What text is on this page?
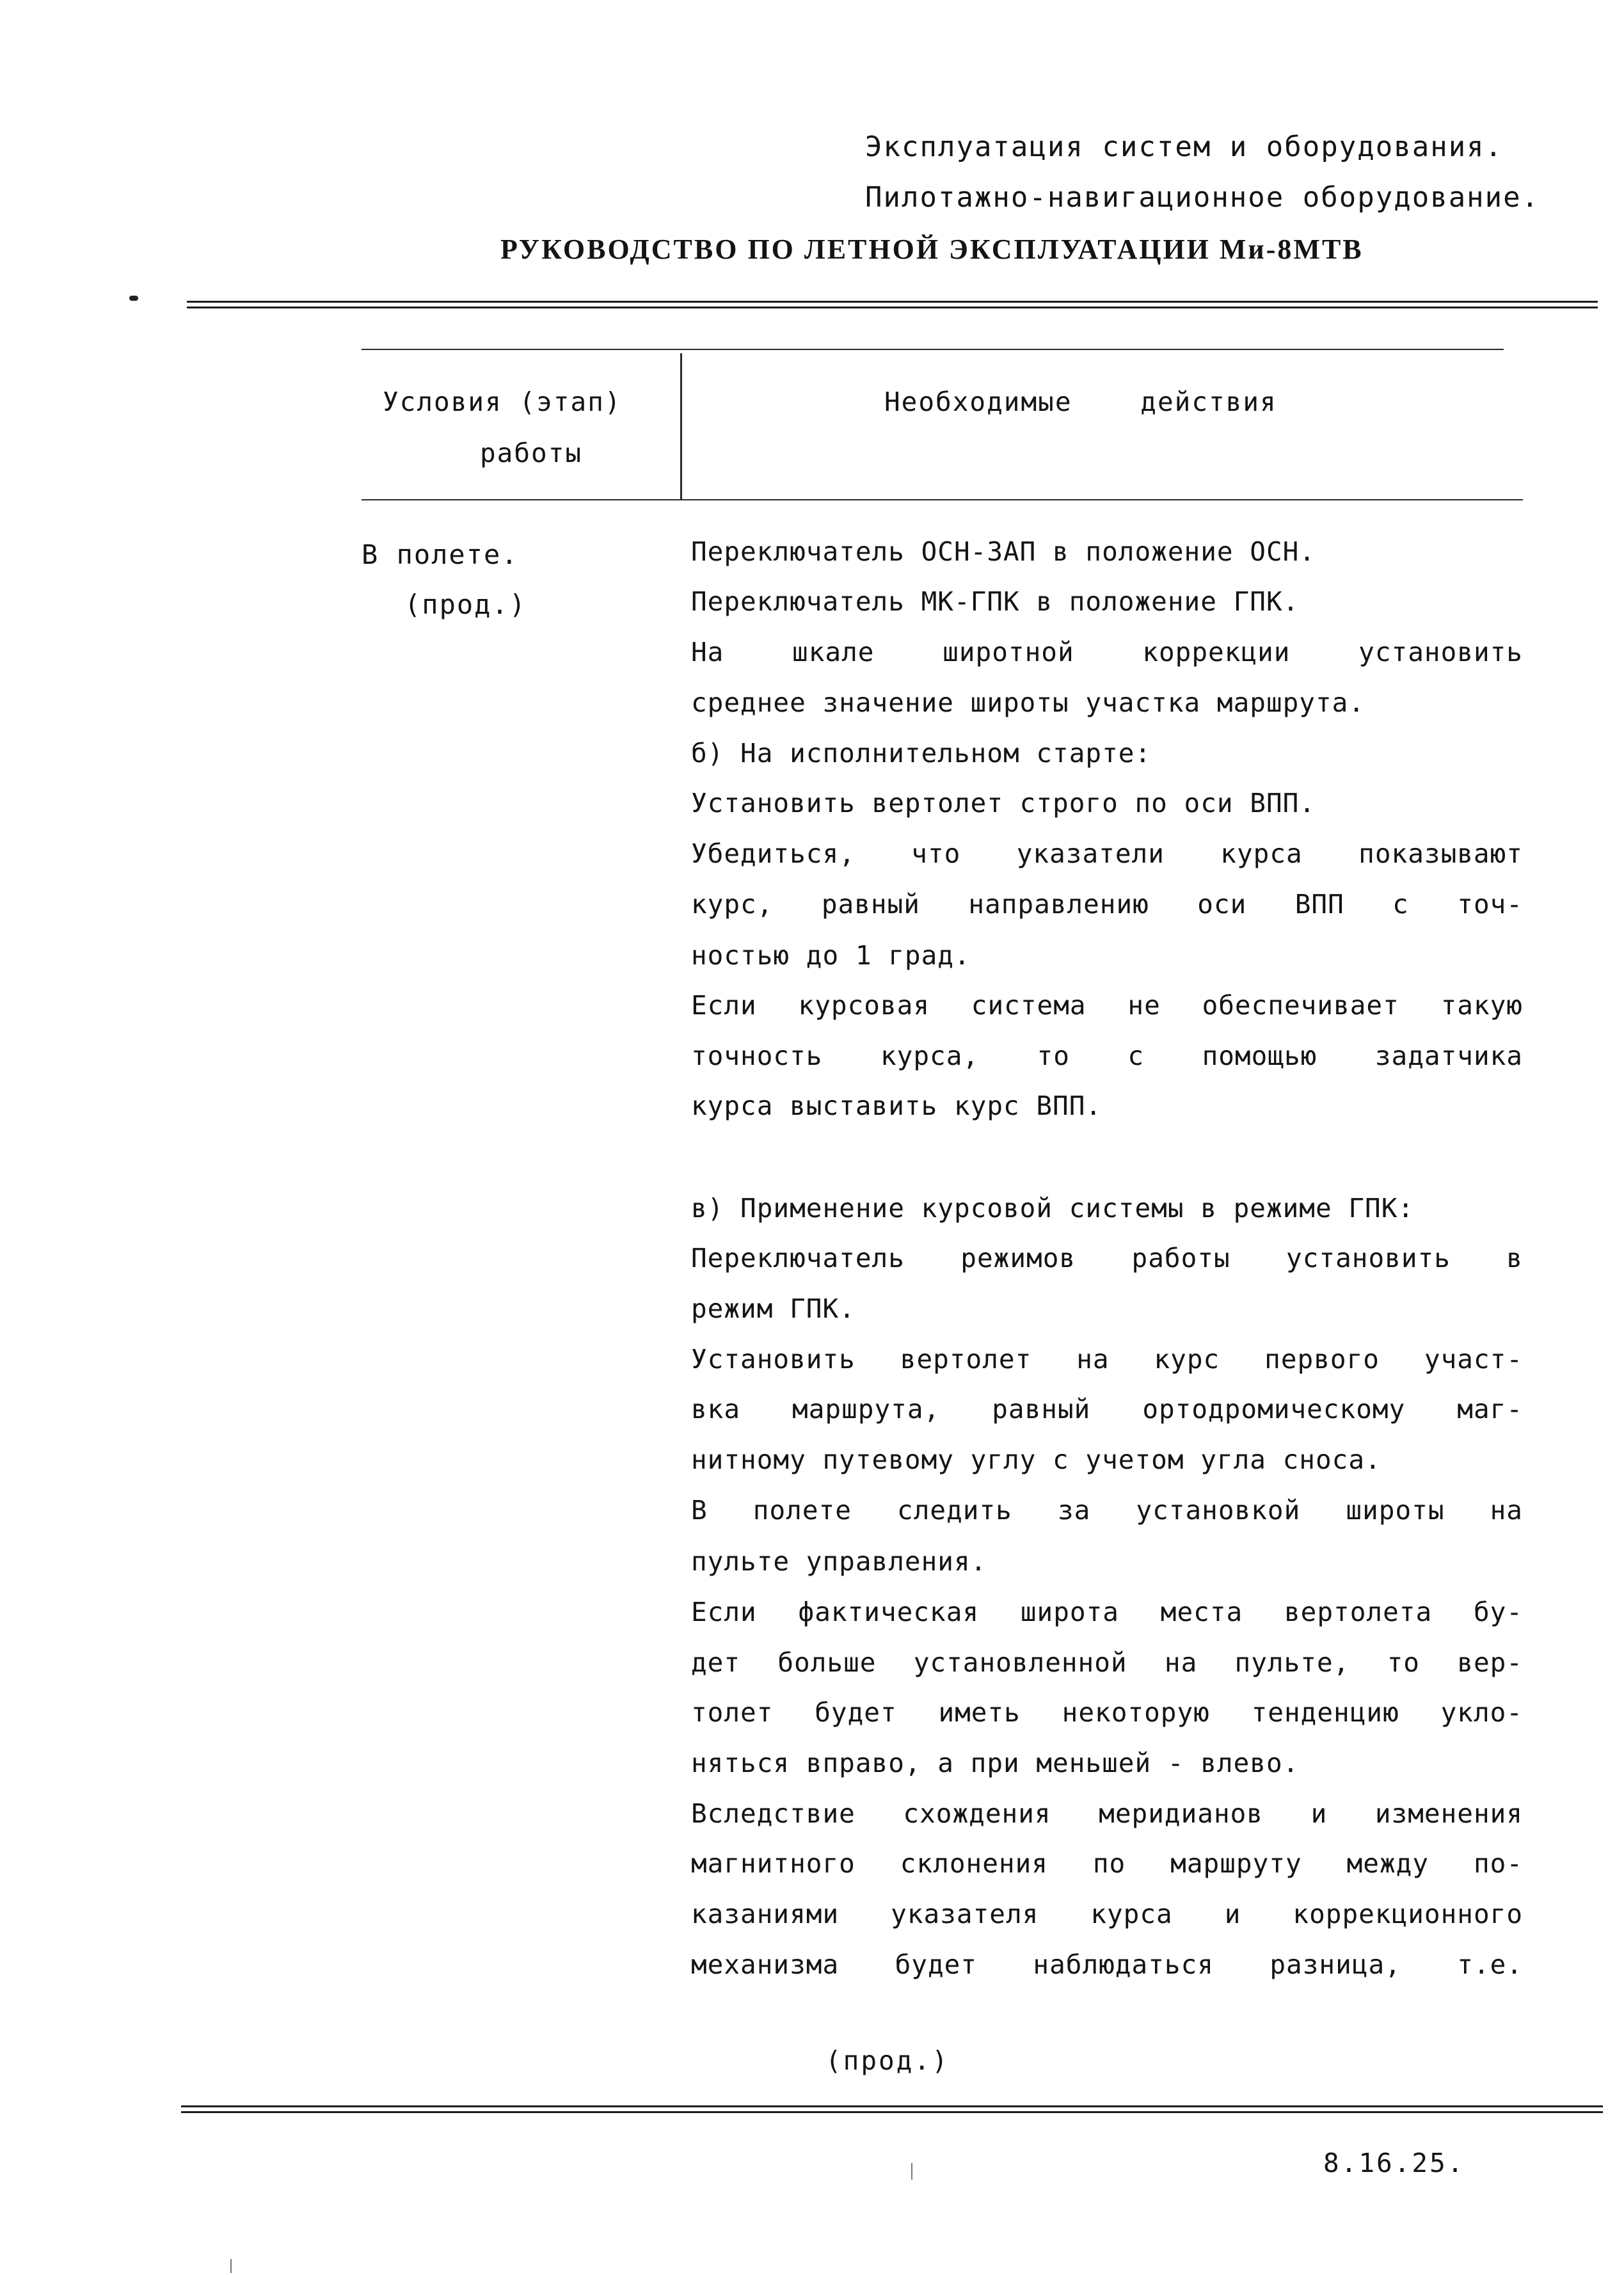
Эксплуатация систем и оборудования.
Пилотажно-навигационное оборудование.
РУКОВОДСТВО ПО ЛЕТНОЙ ЭКСПЛУАТАЦИИ Ми-8МТВ
Условия (этап)
работы
Необходимые    действия
В полете.
(прод.)
Переключатель ОСН-ЗАП в положение ОСН.
Переключатель МК-ГПК в положение ГПК.
На шкале широтной коррекции установить
среднее значение широты участка маршрута.
б) На исполнительном старте:
Установить вертолет строго по оси ВПП.
Убедиться, что указатели курса показывают
курс, равный направлению оси ВПП с точ-
ностью до 1 град.
Если курсовая система не обеспечивает такую
точность курса, то с помощью задатчика
курса выставить курс ВПП.
в) Применение курсовой системы в режиме ГПК:
Переключатель режимов работы установить в
режим ГПК.
Установить вертолет на курс первого участ-
вка маршрута, равный ортодромическому маг-
нитному путевому углу с учетом угла сноса.
В полете следить за установкой широты на
пульте управления.
Если фактическая широта места вертолета бу-
дет больше установленной на пульте, то вер-
толет будет иметь некоторую тенденцию укло-
няться вправо, а при меньшей - влево.
Вследствие схождения меридианов и изменения
магнитного склонения по маршруту между по-
казаниями указателя курса и коррекционного
механизма будет наблюдаться разница, т.е.
(прод.)
8.16.25.
